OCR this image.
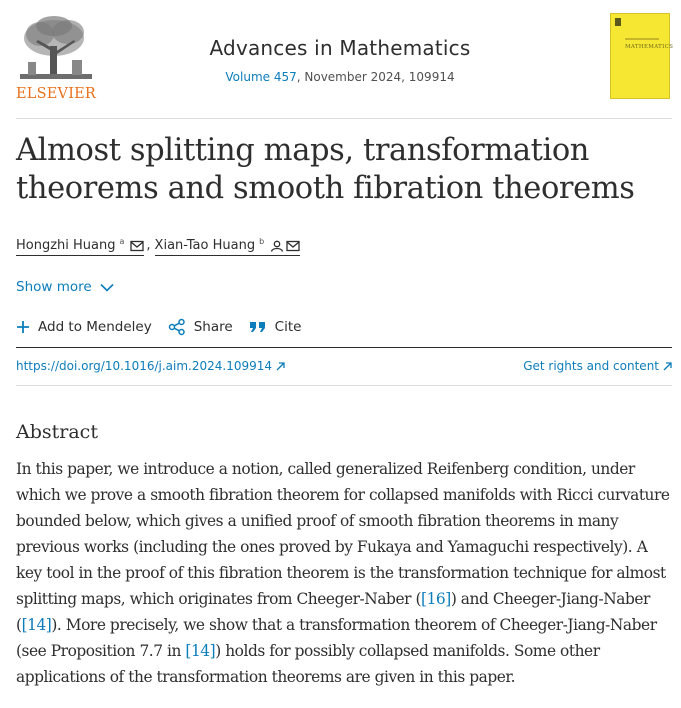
ELSEVIER
Advances in Mathematics
Volume 457, November 2024, 109914
MATHEMATICS
Almost splitting maps, transformation theorems and smooth fibration theorems
Hongzhi Huang $^a$ , Xian-Tao Huang $^b$
Show more
Add to Mendeley	Share	Cite
https://doi.org/10.1016/j.aim.2024.109914	Get rights and content
Abstract

In this paper, we introduce a notion, called generalized Reifenberg condition, under which we prove a smooth fibration theorem for collapsed manifolds with Ricci curvature bounded below, which gives a unified proof of smooth fibration theorems in many previous works (including the ones proved by Fukaya and Yamaguchi respectively). A key tool in the proof of this fibration theorem is the transformation technique for almost splitting maps, which originates from Cheeger-Naber ([16]) and Cheeger-Jiang-Naber ([14]). More precisely, we show that a transformation theorem of Cheeger-Jiang-Naber (see Proposition 7.7 in [14]) holds for possibly collapsed manifolds. Some other applications of the transformation theorems are given in this paper.
